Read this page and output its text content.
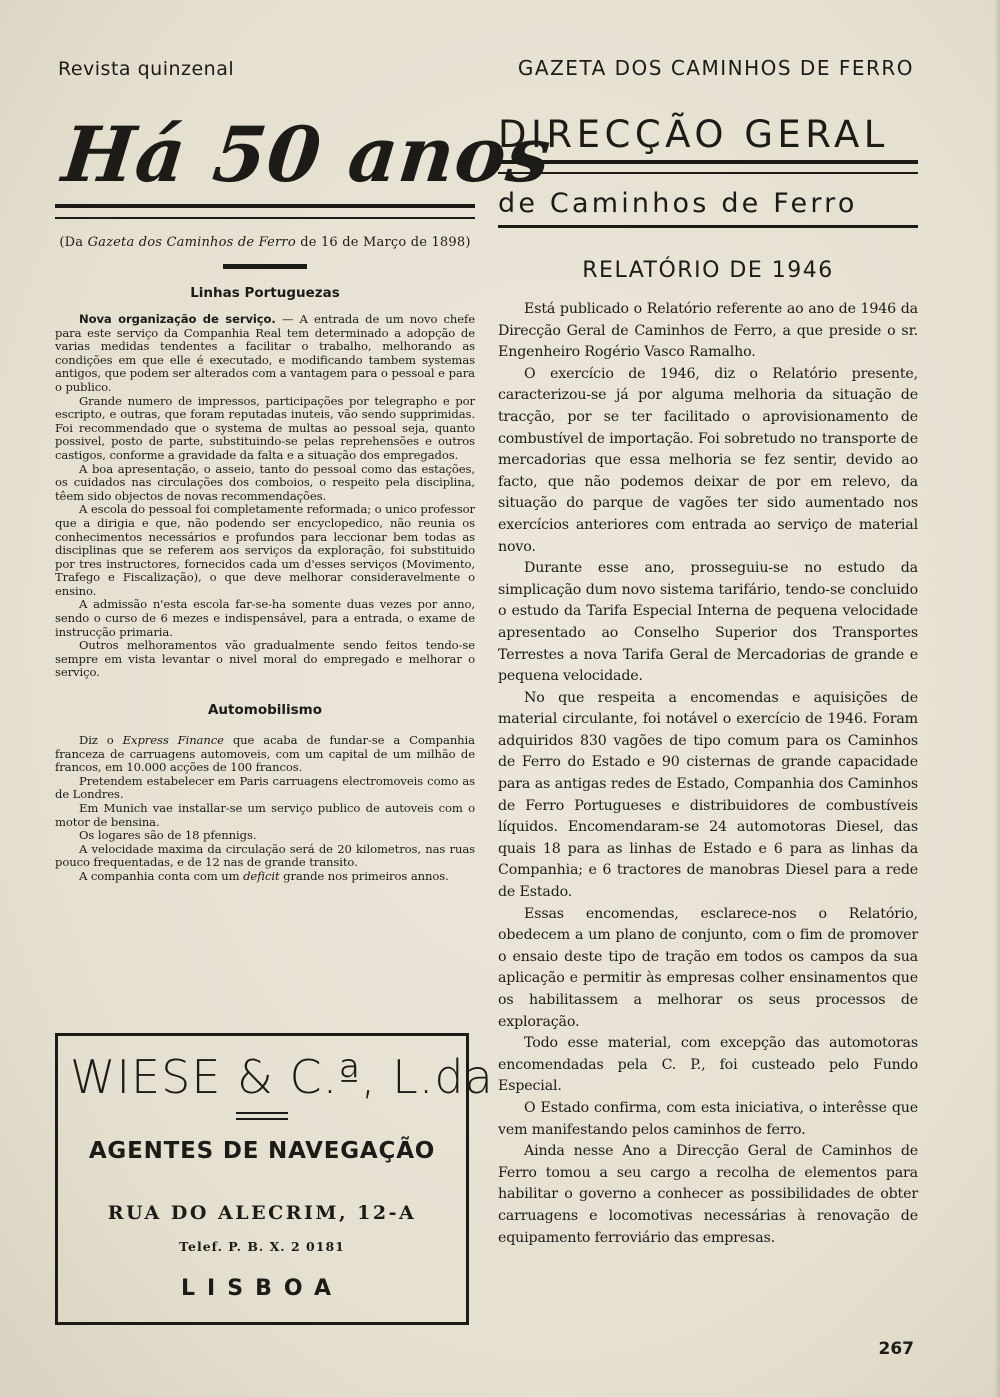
Revista quinzenal	GAZETA DOS CAMINHOS DE FERRO
Há 50 anos
(Da Gazeta dos Caminhos de Ferro de 16 de Março de 1898)
Linhas Portuguezas

Nova organização de serviço. — A entrada de um novo chefe para este serviço da Companhia Real tem determinado a adopção de varias medidas tendentes a facilitar o trabalho, melhorando as condições em que elle é executado, e modificando tambem systemas antigos, que podem ser alterados com a vantagem para o pessoal e para o publico.

Grande numero de impressos, participações por telegrapho e por escripto, e outras, que foram reputadas inuteis, vão sendo supprimidas. Foi recommendado que o systema de multas ao pessoal seja, quanto possivel, posto de parte, substituindo-se pelas reprehensões e outros castigos, conforme a gravidade da falta e a situação dos empregados.

A boa apresentação, o asseio, tanto do pessoal como das estações, os cuidados nas circulações dos comboios, o respeito pela disciplina, têem sido objectos de novas recommendações.

A escola do pessoal foi completamente reformada; o unico professor que a dirigia e que, não podendo ser encyclopedico, não reunia os conhecimentos necessários e profundos para leccionar bem todas as disciplinas que se referem aos serviços da exploração, foi substituido por tres instructores, fornecidos cada um d'esses serviços (Movimento, Trafego e Fiscalização), o que deve melhorar consideravelmente o ensino.

A admissão n'esta escola far-se-ha somente duas vezes por anno, sendo o curso de 6 mezes e indispensável, para a entrada, o exame de instrucção primaria.

Outros melhoramentos vão gradualmente sendo feitos tendo-se sempre em vista levantar o nivel moral do empregado e melhorar o serviço.

Automobilismo

Diz o Express Finance que acaba de fundar-se a Companhia franceza de carruagens automoveis, com um capital de um milhão de francos, em 10.000 acções de 100 francos.

Pretendem estabelecer em Paris carruagens electromoveis como as de Londres.

Em Munich vae installar-se um serviço publico de autoveis com o motor de bensina.

Os logares são de 18 pfennigs.

A velocidade maxima da circulação será de 20 kilometros, nas ruas pouco frequentadas, e de 12 nas de grande transito.

A companhia conta com um deficit grande nos primeiros annos.

WIESE & C.ª, L.da
AGENTES DE NAVEGAÇÃO
RUA DO ALECRIM, 12-A
Telef. P. B. X. 2 0181
LISBOA
DIRECÇÃO GERAL
de Caminhos de Ferro
RELATÓRIO DE 1946

Está publicado o Relatório referente ao ano de 1946 da Direcção Geral de Caminhos de Ferro, a que preside o sr. Engenheiro Rogério Vasco Ramalho.

O exercício de 1946, diz o Relatório presente, caracterizou-se já por alguma melhoria da situação de tracção, por se ter facilitado o aprovisionamento de combustível de importação. Foi sobretudo no transporte de mercadorias que essa melhoria se fez sentir, devido ao facto, que não podemos deixar de por em relevo, da situação do parque de vagões ter sido aumentado nos exercícios anteriores com entrada ao serviço de material novo.

Durante esse ano, prosseguiu-se no estudo da simplicação dum novo sistema tarifário, tendo-se concluido o estudo da Tarifa Especial Interna de pequena velocidade apresentado ao Conselho Superior dos Transportes Terrestes a nova Tarifa Geral de Mercadorias de grande e pequena velocidade.

No que respeita a encomendas e aquisições de material circulante, foi notável o exercício de 1946. Foram adquiridos 830 vagões de tipo comum para os Caminhos de Ferro do Estado e 90 cisternas de grande capacidade para as antigas redes de Estado, Companhia dos Caminhos de Ferro Portugueses e distribuidores de combustíveis líquidos. Encomendaram-se 24 automotoras Diesel, das quais 18 para as linhas de Estado e 6 para as linhas da Companhia; e 6 tractores de manobras Diesel para a rede de Estado.

Essas encomendas, esclarece-nos o Relatório, obedecem a um plano de conjunto, com o fim de promover o ensaio deste tipo de tração em todos os campos da sua aplicação e permitir às empresas colher ensinamentos que os habilitassem a melhorar os seus processos de exploração.

Todo esse material, com excepção das automotoras encomendadas pela C. P., foi custeado pelo Fundo Especial.

O Estado confirma, com esta iniciativa, o interêsse que vem manifestando pelos caminhos de ferro.

Ainda nesse Ano a Direcção Geral de Caminhos de Ferro tomou a seu cargo a recolha de elementos para habilitar o governo a conhecer as possibilidades de obter carruagens e locomotivas necessárias à renovação de equipamento ferroviário das empresas.

267
